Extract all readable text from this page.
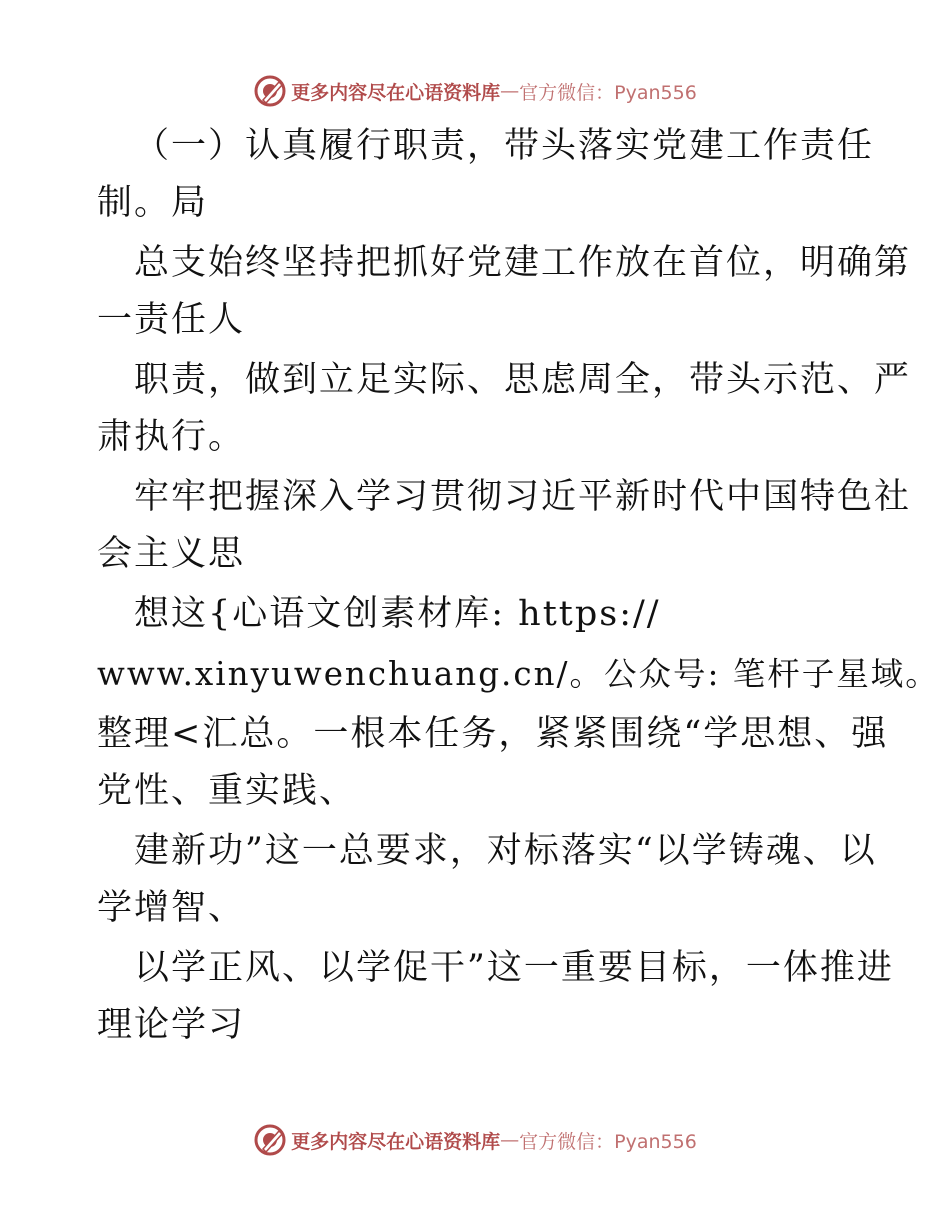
更多内容尽在心语资料库 — 官方微信：Pyan556
（一）认真履行职责，带头落实党建工作责任
制。局
总支始终坚持把抓好党建工作放在首位，明确第
一责任人
职责，做到立足实际、思虑周全，带头示范、严
肃执行。
牢牢把握深入学习贯彻习近平新时代中国特色社
会主义思
想这{心语文创素材库: https://
www.xinyuwenchuang.cn/。公众号: 笔杆子星域。
整理<汇总。一根本任务，紧紧围绕“学思想、强
党性、重实践、
建新功”这一总要求，对标落实“以学铸魂、以
学增智、
以学正风、以学促干”这一重要目标，一体推进
理论学习
更多内容尽在心语资料库 — 官方微信：Pyan556
